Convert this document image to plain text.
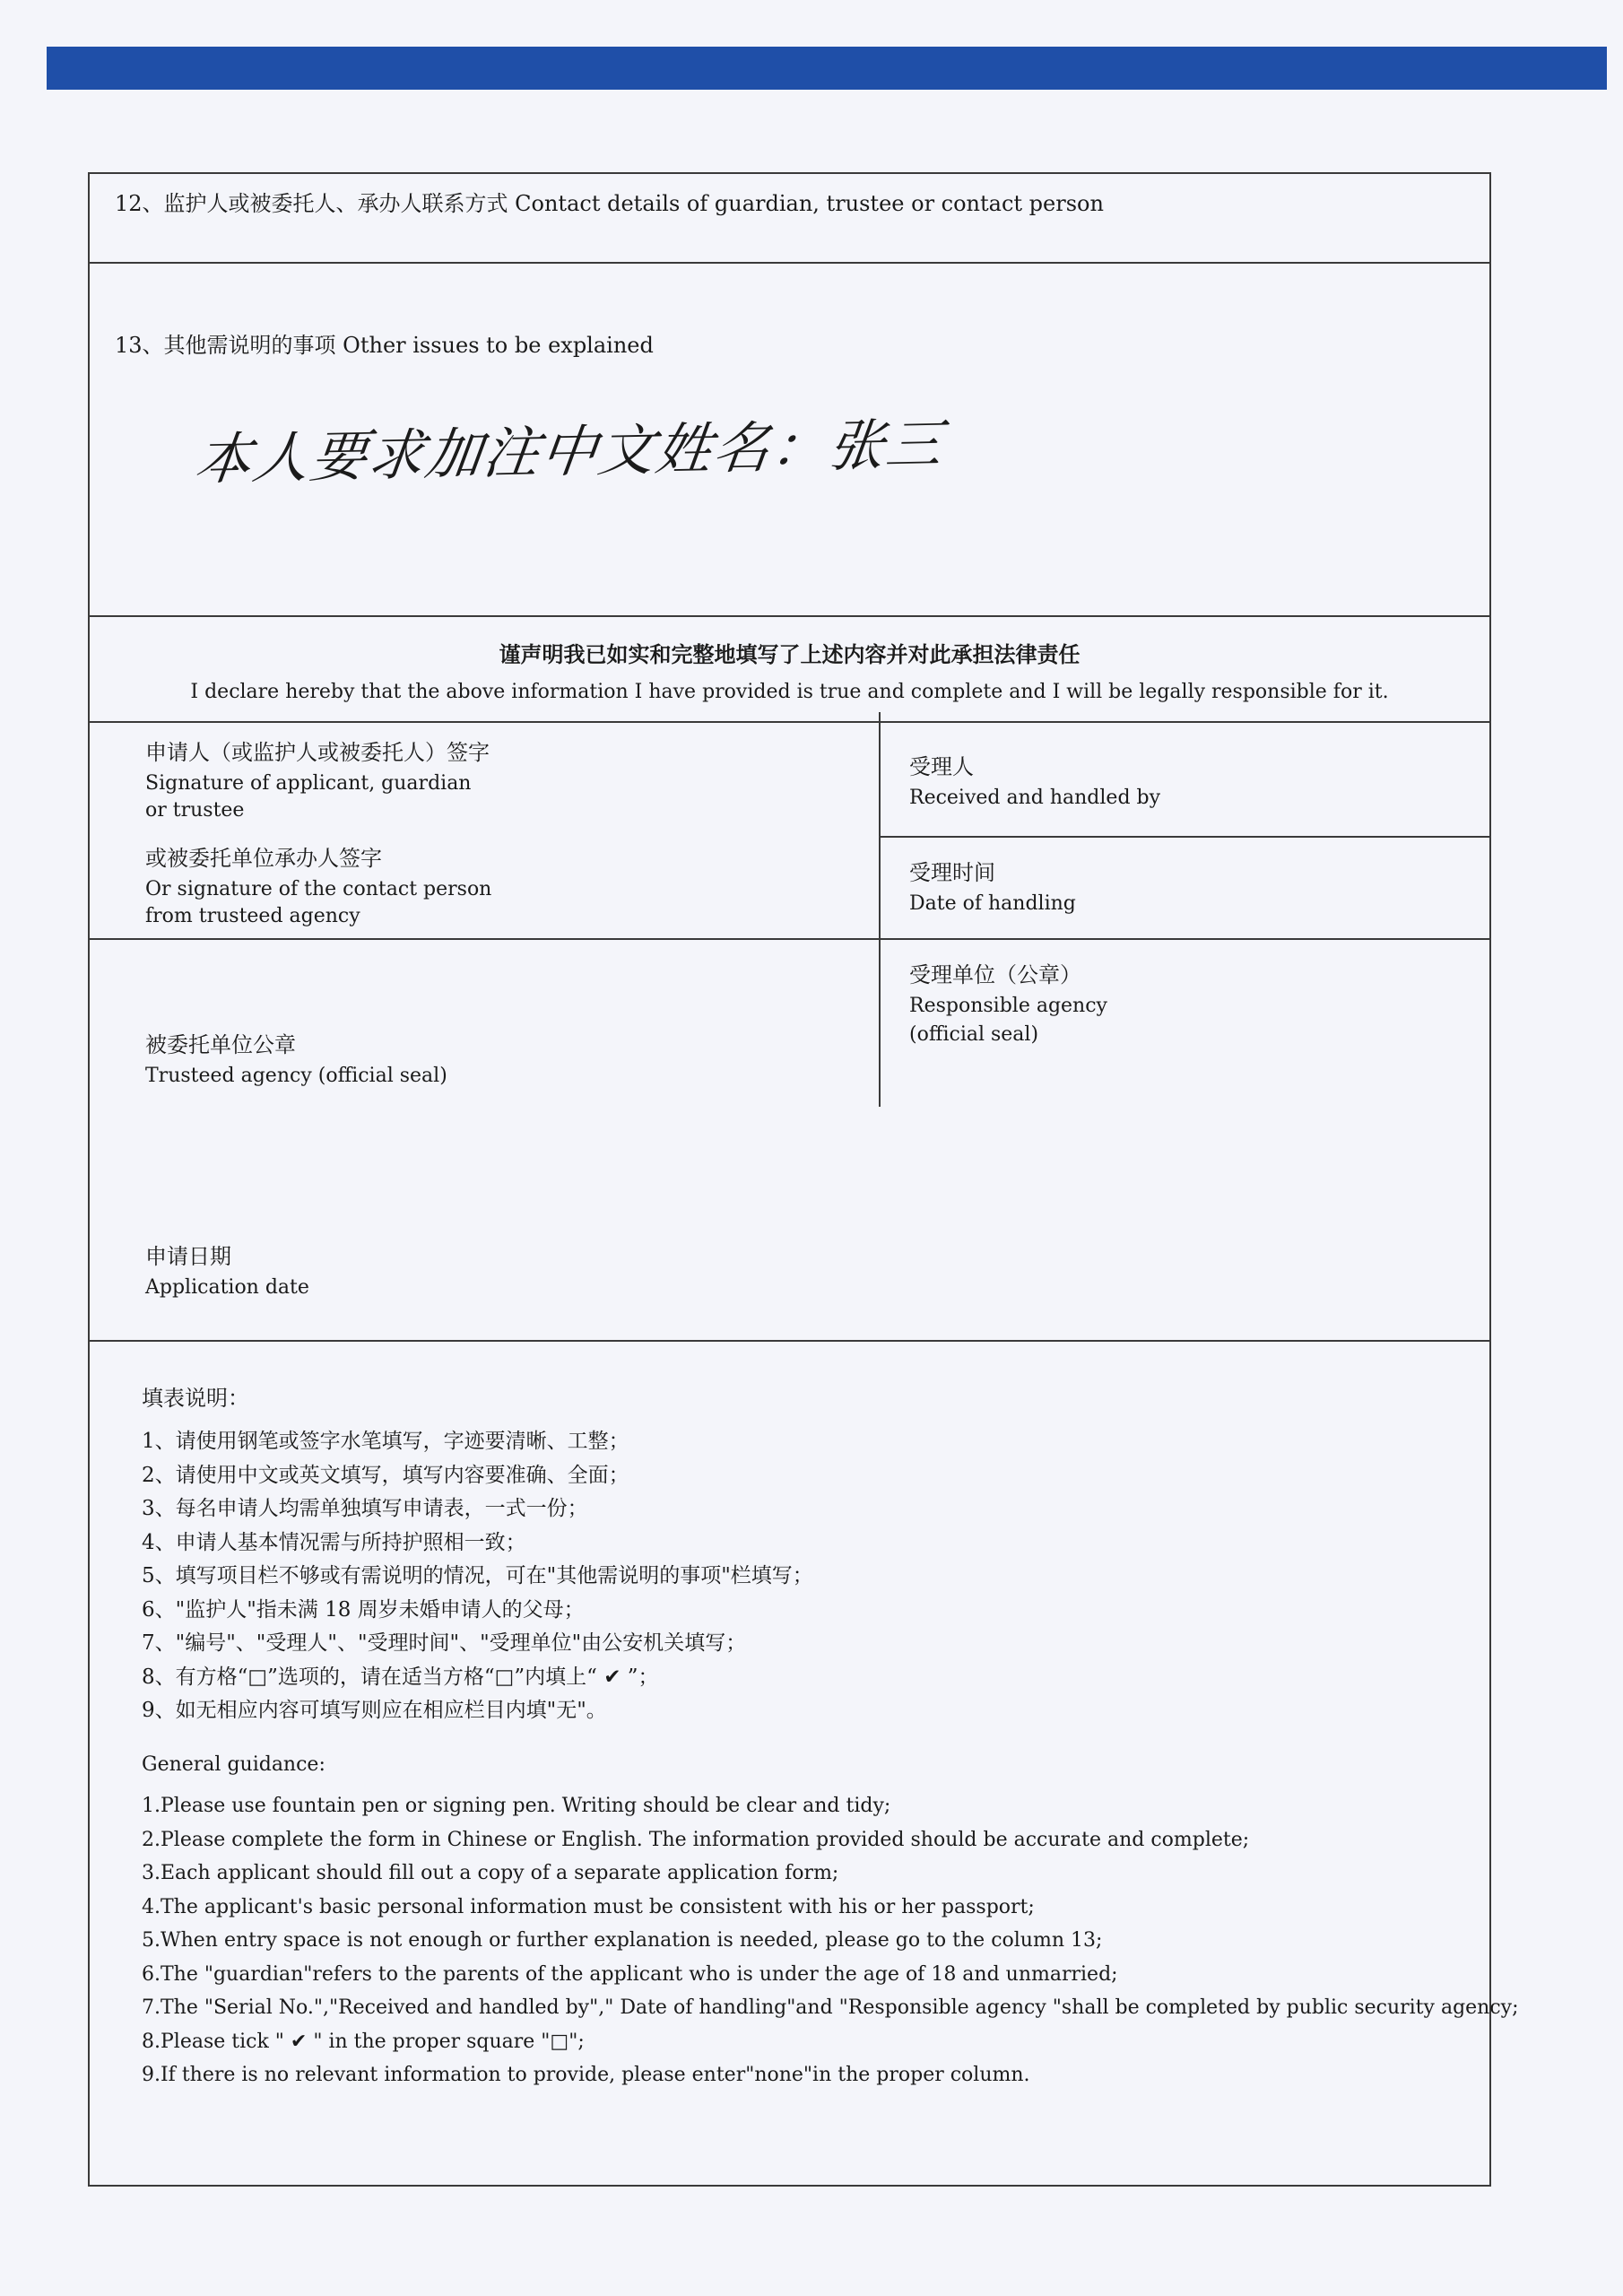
12、监护人或被委托人、承办人联系方式 Contact details of guardian, trustee or contact person
13、其他需说明的事项 Other issues to be explained
本人要求加注中文姓名：张三
谨声明我已如实和完整地填写了上述内容并对此承担法律责任
I declare hereby that the above information I have provided is true and complete and I will be legally responsible for it.
申请人（或监护人或被委托人）签字
Signature of applicant, guardian
or trustee
或被委托单位承办人签字
Or signature of the contact person
from trusteed agency
受理人
Received and handled by
受理时间
Date of handling
受理单位（公章）
Responsible agency
(official seal)
被委托单位公章
Trusteed agency (official seal)
申请日期
Application date
填表说明：
1、请使用钢笔或签字水笔填写，字迹要清晰、工整；
2、请使用中文或英文填写，填写内容要准确、全面；
3、每名申请人均需单独填写申请表，一式一份；
4、申请人基本情况需与所持护照相一致；
5、填写项目栏不够或有需说明的情况，可在"其他需说明的事项"栏填写；
6、"监护人"指未满 18 周岁未婚申请人的父母；
7、"编号"、"受理人"、"受理时间"、"受理单位"由公安机关填写；
8、有方格“□”选项的，请在适当方格“□”内填上“ ✔ ”；
9、如无相应内容可填写则应在相应栏目内填"无"。
General guidance:
1.Please use fountain pen or signing pen. Writing should be clear and tidy;
2.Please complete the form in Chinese or English. The information provided should be accurate and complete;
3.Each applicant should fill out a copy of a separate application form;
4.The applicant's basic personal information must be consistent with his or her passport;
5.When entry space is not enough or further explanation is needed, please go to the column 13;
6.The "guardian"refers to the parents of the applicant who is under the age of 18 and unmarried;
7.The "Serial No.","Received and handled by"," Date of handling"and "Responsible agency "shall be completed by public security agency;
8.Please tick " ✔ " in the proper square "□";
9.If there is no relevant information to provide, please enter"none"in the proper column.
